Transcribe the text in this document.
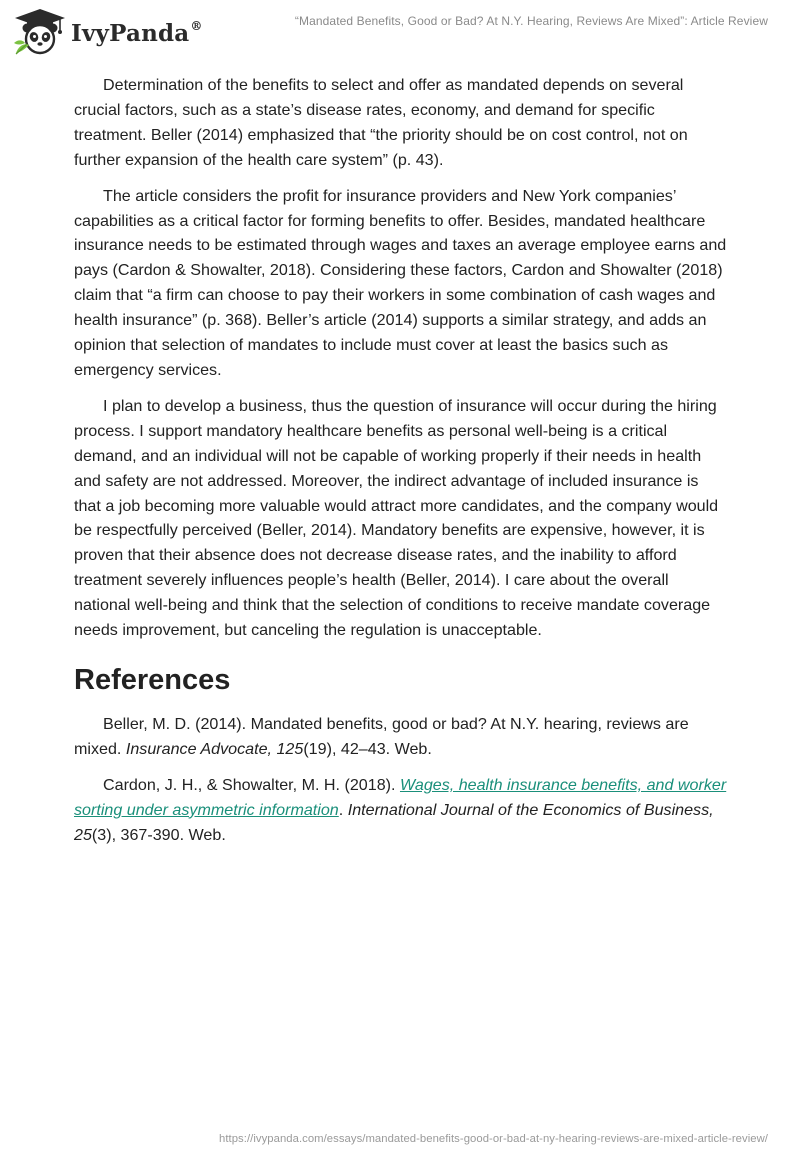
IvyPanda®	“Mandated Benefits, Good or Bad? At N.Y. Hearing, Reviews Are Mixed”: Article Review

Determination of the benefits to select and offer as mandated depends on several crucial factors, such as a state’s disease rates, economy, and demand for specific treatment. Beller (2014) emphasized that “the priority should be on cost control, not on further expansion of the health care system” (p. 43).

The article considers the profit for insurance providers and New York companies’ capabilities as a critical factor for forming benefits to offer. Besides, mandated healthcare insurance needs to be estimated through wages and taxes an average employee earns and pays (Cardon & Showalter, 2018). Considering these factors, Cardon and Showalter (2018) claim that “a firm can choose to pay their workers in some combination of cash wages and health insurance” (p. 368). Beller’s article (2014) supports a similar strategy, and adds an opinion that selection of mandates to include must cover at least the basics such as emergency services.

I plan to develop a business, thus the question of insurance will occur during the hiring process. I support mandatory healthcare benefits as personal well-being is a critical demand, and an individual will not be capable of working properly if their needs in health and safety are not addressed. Moreover, the indirect advantage of included insurance is that a job becoming more valuable would attract more candidates, and the company would be respectfully perceived (Beller, 2014). Mandatory benefits are expensive, however, it is proven that their absence does not decrease disease rates, and the inability to afford treatment severely influences people’s health (Beller, 2014). I care about the overall national well-being and think that the selection of conditions to receive mandate coverage needs improvement, but canceling the regulation is unacceptable.

References

Beller, M. D. (2014). Mandated benefits, good or bad? At N.Y. hearing, reviews are mixed. Insurance Advocate, 125(19), 42–43. Web.

Cardon, J. H., & Showalter, M. H. (2018). Wages, health insurance benefits, and worker sorting under asymmetric information. International Journal of the Economics of Business, 25(3), 367-390. Web.

https://ivypanda.com/essays/mandated-benefits-good-or-bad-at-ny-hearing-reviews-are-mixed-article-review/
